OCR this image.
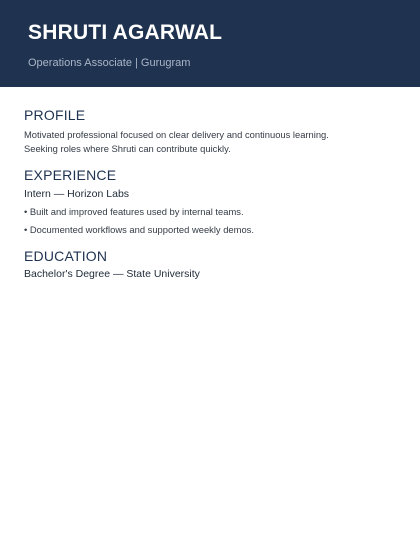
SHRUTI AGARWAL
Operations Associate | Gurugram
PROFILE
Motivated professional focused on clear delivery and continuous learning.
Seeking roles where Shruti can contribute quickly.
EXPERIENCE
Intern — Horizon Labs
• Built and improved features used by internal teams.
• Documented workflows and supported weekly demos.
EDUCATION
Bachelor's Degree — State University
